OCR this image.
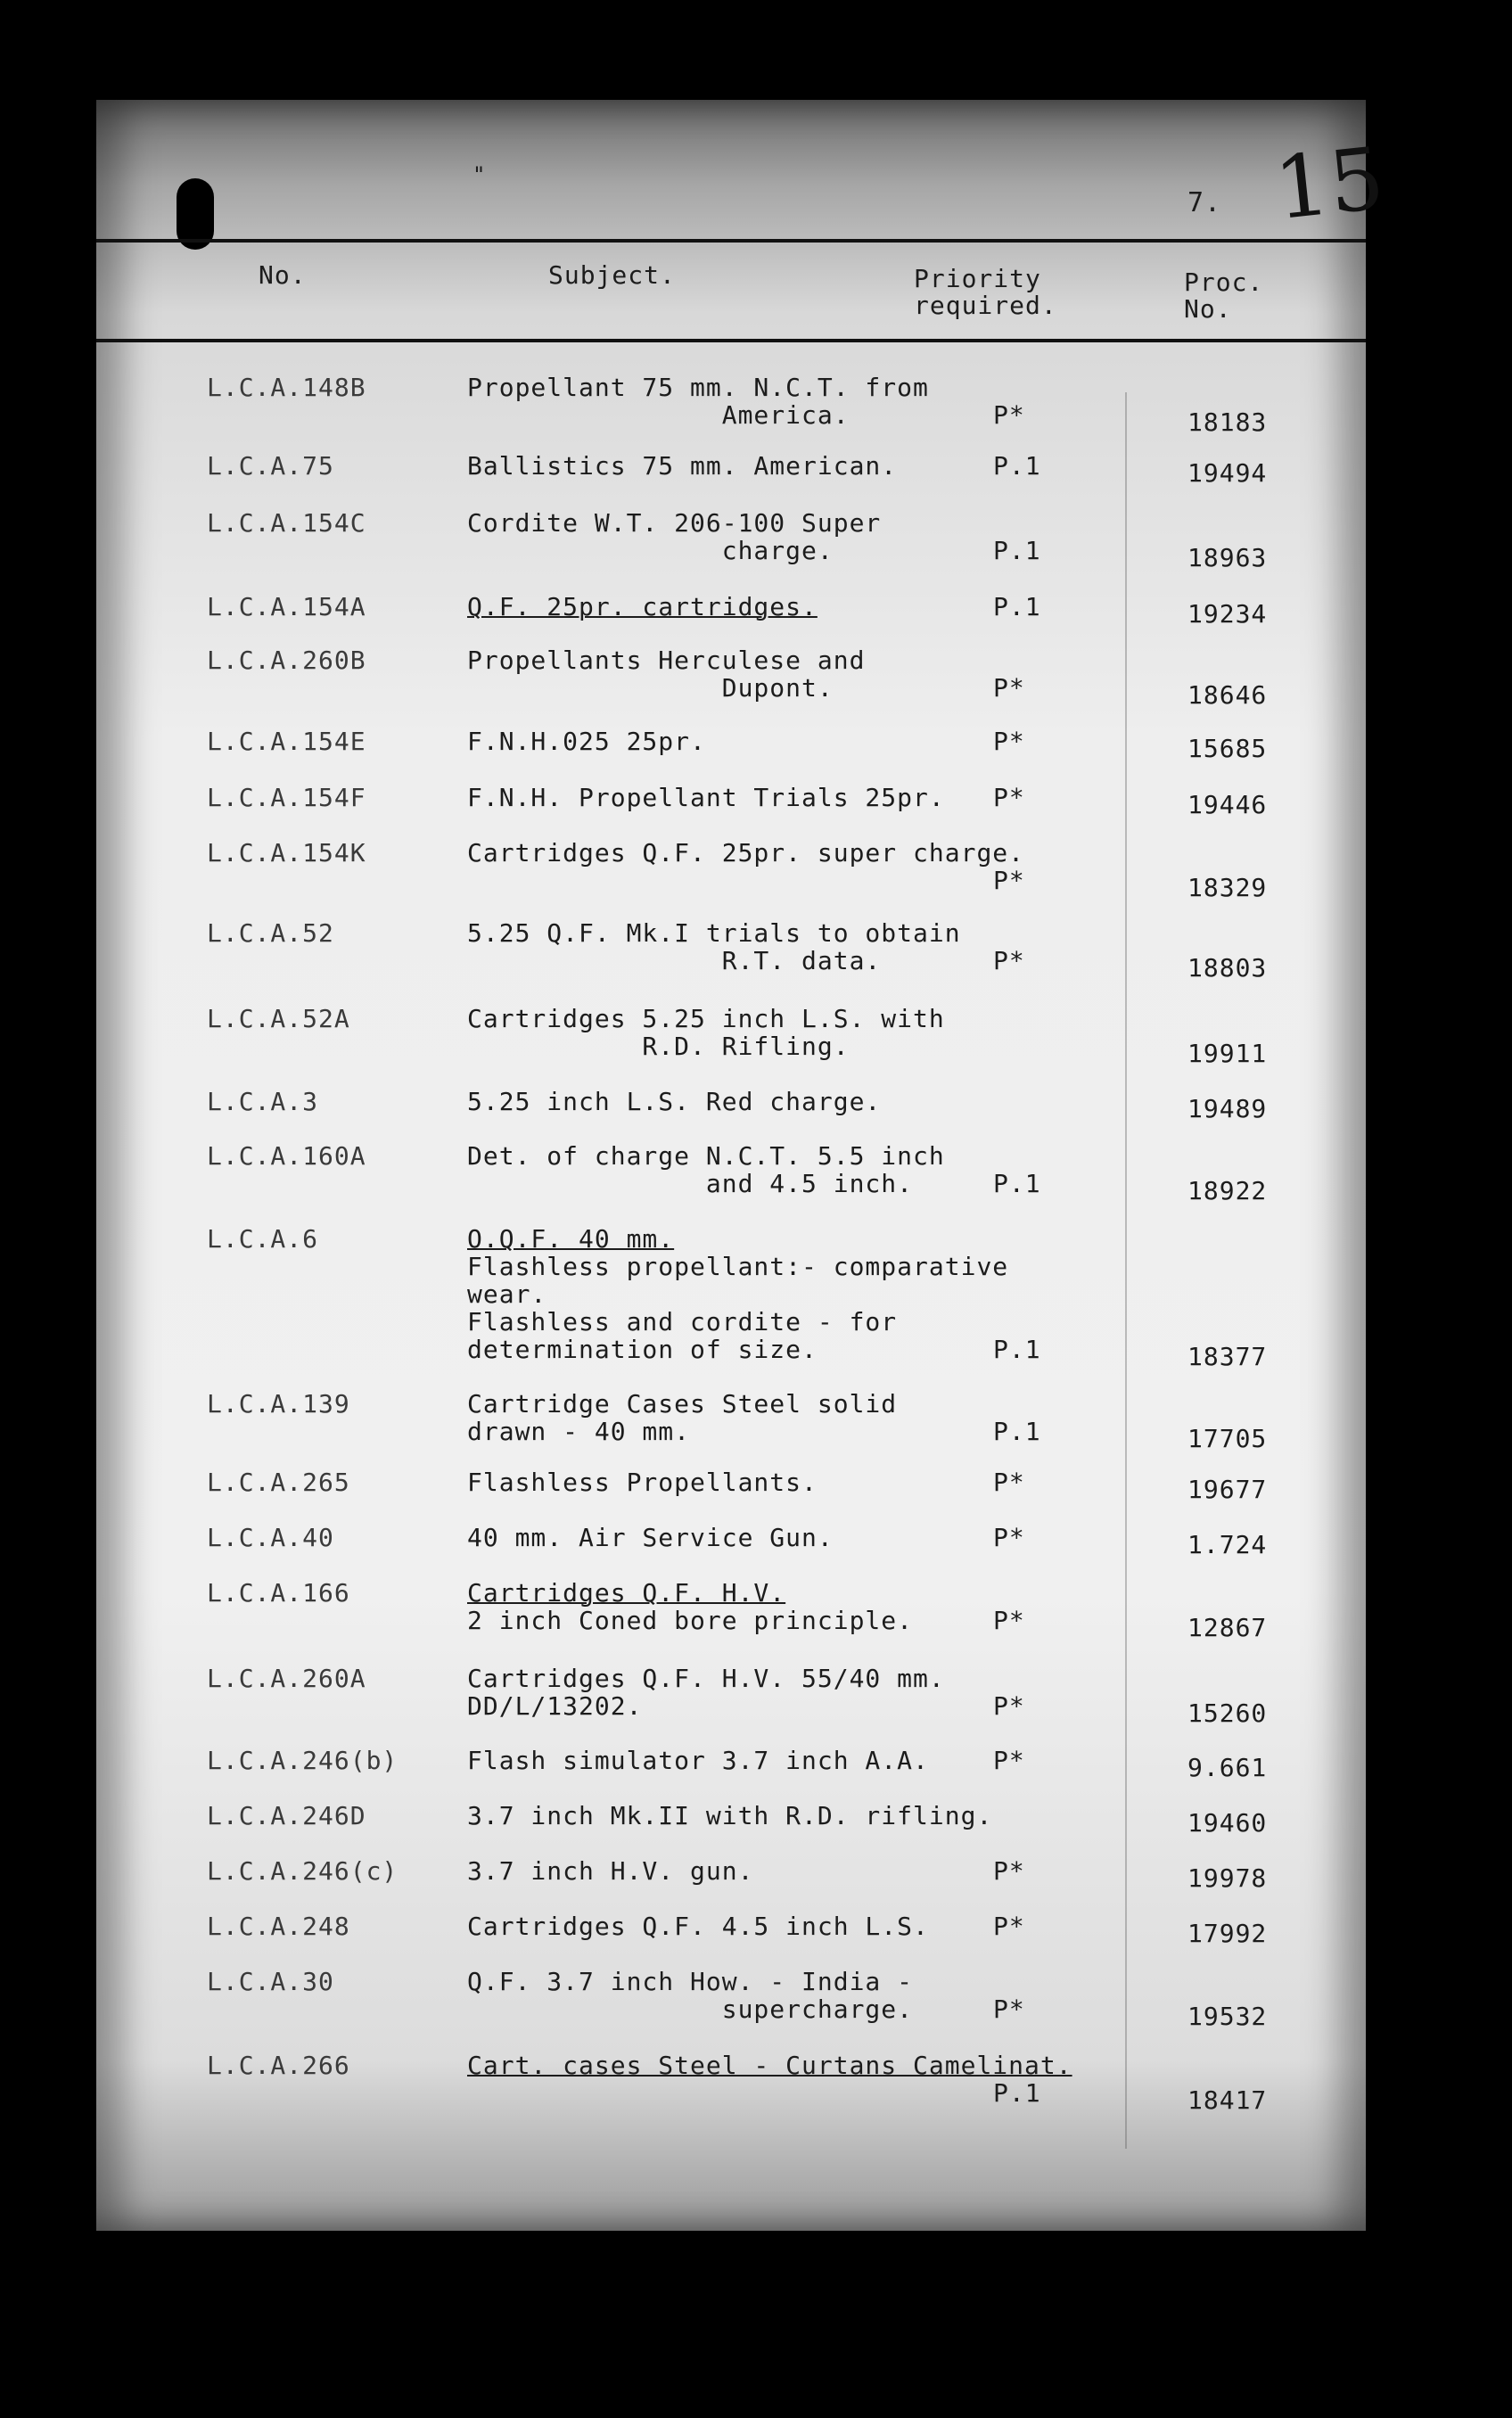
"
7. 15
No.	Subject.	Priority
required.
Proc.
No.
L.C.A.148B	Propellant 75 mm. N.C.T. from
America.	P*	18183
L.C.A.75	Ballistics 75 mm. American.	P.1	19494
L.C.A.154C	Cordite W.T. 206-100 Super
charge.	P.1	18963
L.C.A.154A	Q.F. 25pr. cartridges.	P.1	19234
L.C.A.260B	Propellants Herculese and
Dupont.	P*	18646
L.C.A.154E	F.N.H.025 25pr.	P*	15685
L.C.A.154F	F.N.H. Propellant Trials 25pr. P*	19446
L.C.A.154K	Cartridges Q.F. 25pr. super charge.
P*	18329
L.C.A.52	5.25 Q.F. Mk.I trials to obtain
R.T. data.	P*	18803
L.C.A.52A	Cartridges 5.25 inch L.S. with
R.D. Rifling.	19911
L.C.A.3	5.25 inch L.S. Red charge.	19489
L.C.A.160A	Det. of charge N.C.T. 5.5 inch
and 4.5 inch.	P.1	18922
L.C.A.6	O.Q.F. 40 mm.
Flashless propellant:- comparative
wear.
Flashless and cordite - for
determination of size.	P.1	18377
L.C.A.139	Cartridge Cases Steel solid
drawn - 40 mm.	P.1	17705
L.C.A.265	Flashless Propellants.	P*	19677
L.C.A.40	40 mm. Air Service Gun.	P*	1.724
L.C.A.166	Cartridges Q.F. H.V.
2 inch Coned bore principle.	P*	12867
L.C.A.260A	Cartridges Q.F. H.V. 55/40 mm.
DD/L/13202.	P*	15260
L.C.A.246(b)	Flash simulator 3.7 inch A.A.	P*	9.661
L.C.A.246D	3.7 inch Mk.II with R.D. rifling.	19460
L.C.A.246(c)	3.7 inch H.V. gun.	P*	19978
L.C.A.248	Cartridges Q.F. 4.5 inch L.S.	P*	17992
L.C.A.30	Q.F. 3.7 inch How. - India -
supercharge.	P*	19532
L.C.A.266	Cart. cases Steel - Curtans Camelinat.
P.1	18417
